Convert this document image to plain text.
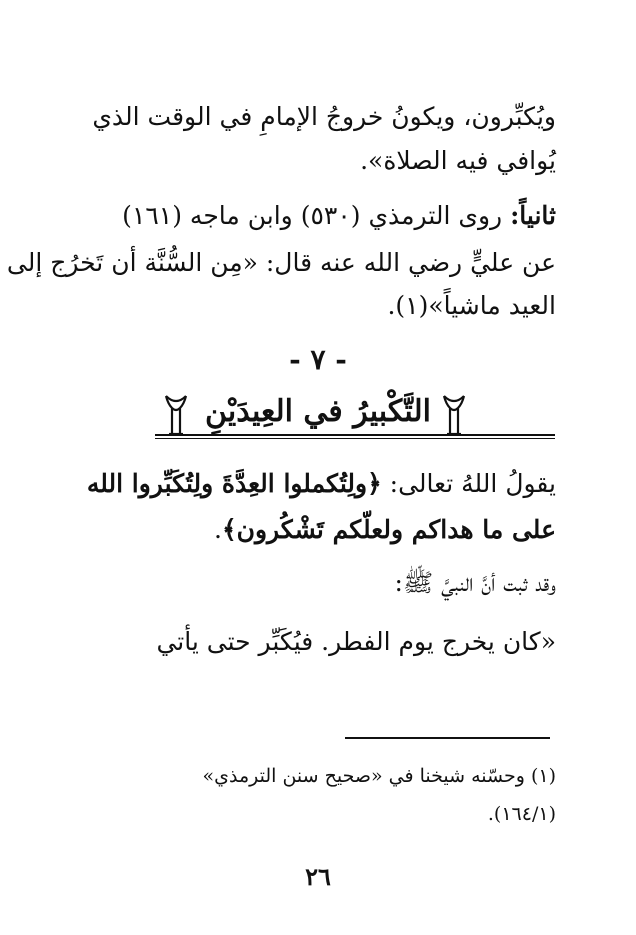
ويُكبِّرون، ويكونُ خروجُ الإمامِ في الوقت الذي
يُوافي فيه الصلاة».
ثانياً: روى الترمذي (٥٣٠) وابن ماجه (١٦١)
عن عليٍّ رضي الله عنه قال: «مِن السُّنَّة أن تَخرُج إلى
العيد ماشياً»(١).
- ٧ -
التَّكْبيرُ في العِيدَيْنِ
يقولُ اللهُ تعالى: ﴿ولِتُكملوا العِدَّةَ ولِتُكَبِّروا الله
على ما هداكم ولعلّكم تَشْكُرون﴾.
وقد ثبت أنَّ النبيَّ ﷺ:
«كان يخرج يوم الفطر. فيُكَبِّر حتى يأتي
(١) وحسّنه شيخنا في «صحيح سنن الترمذي»
(١٦٤/١).
٢٦
